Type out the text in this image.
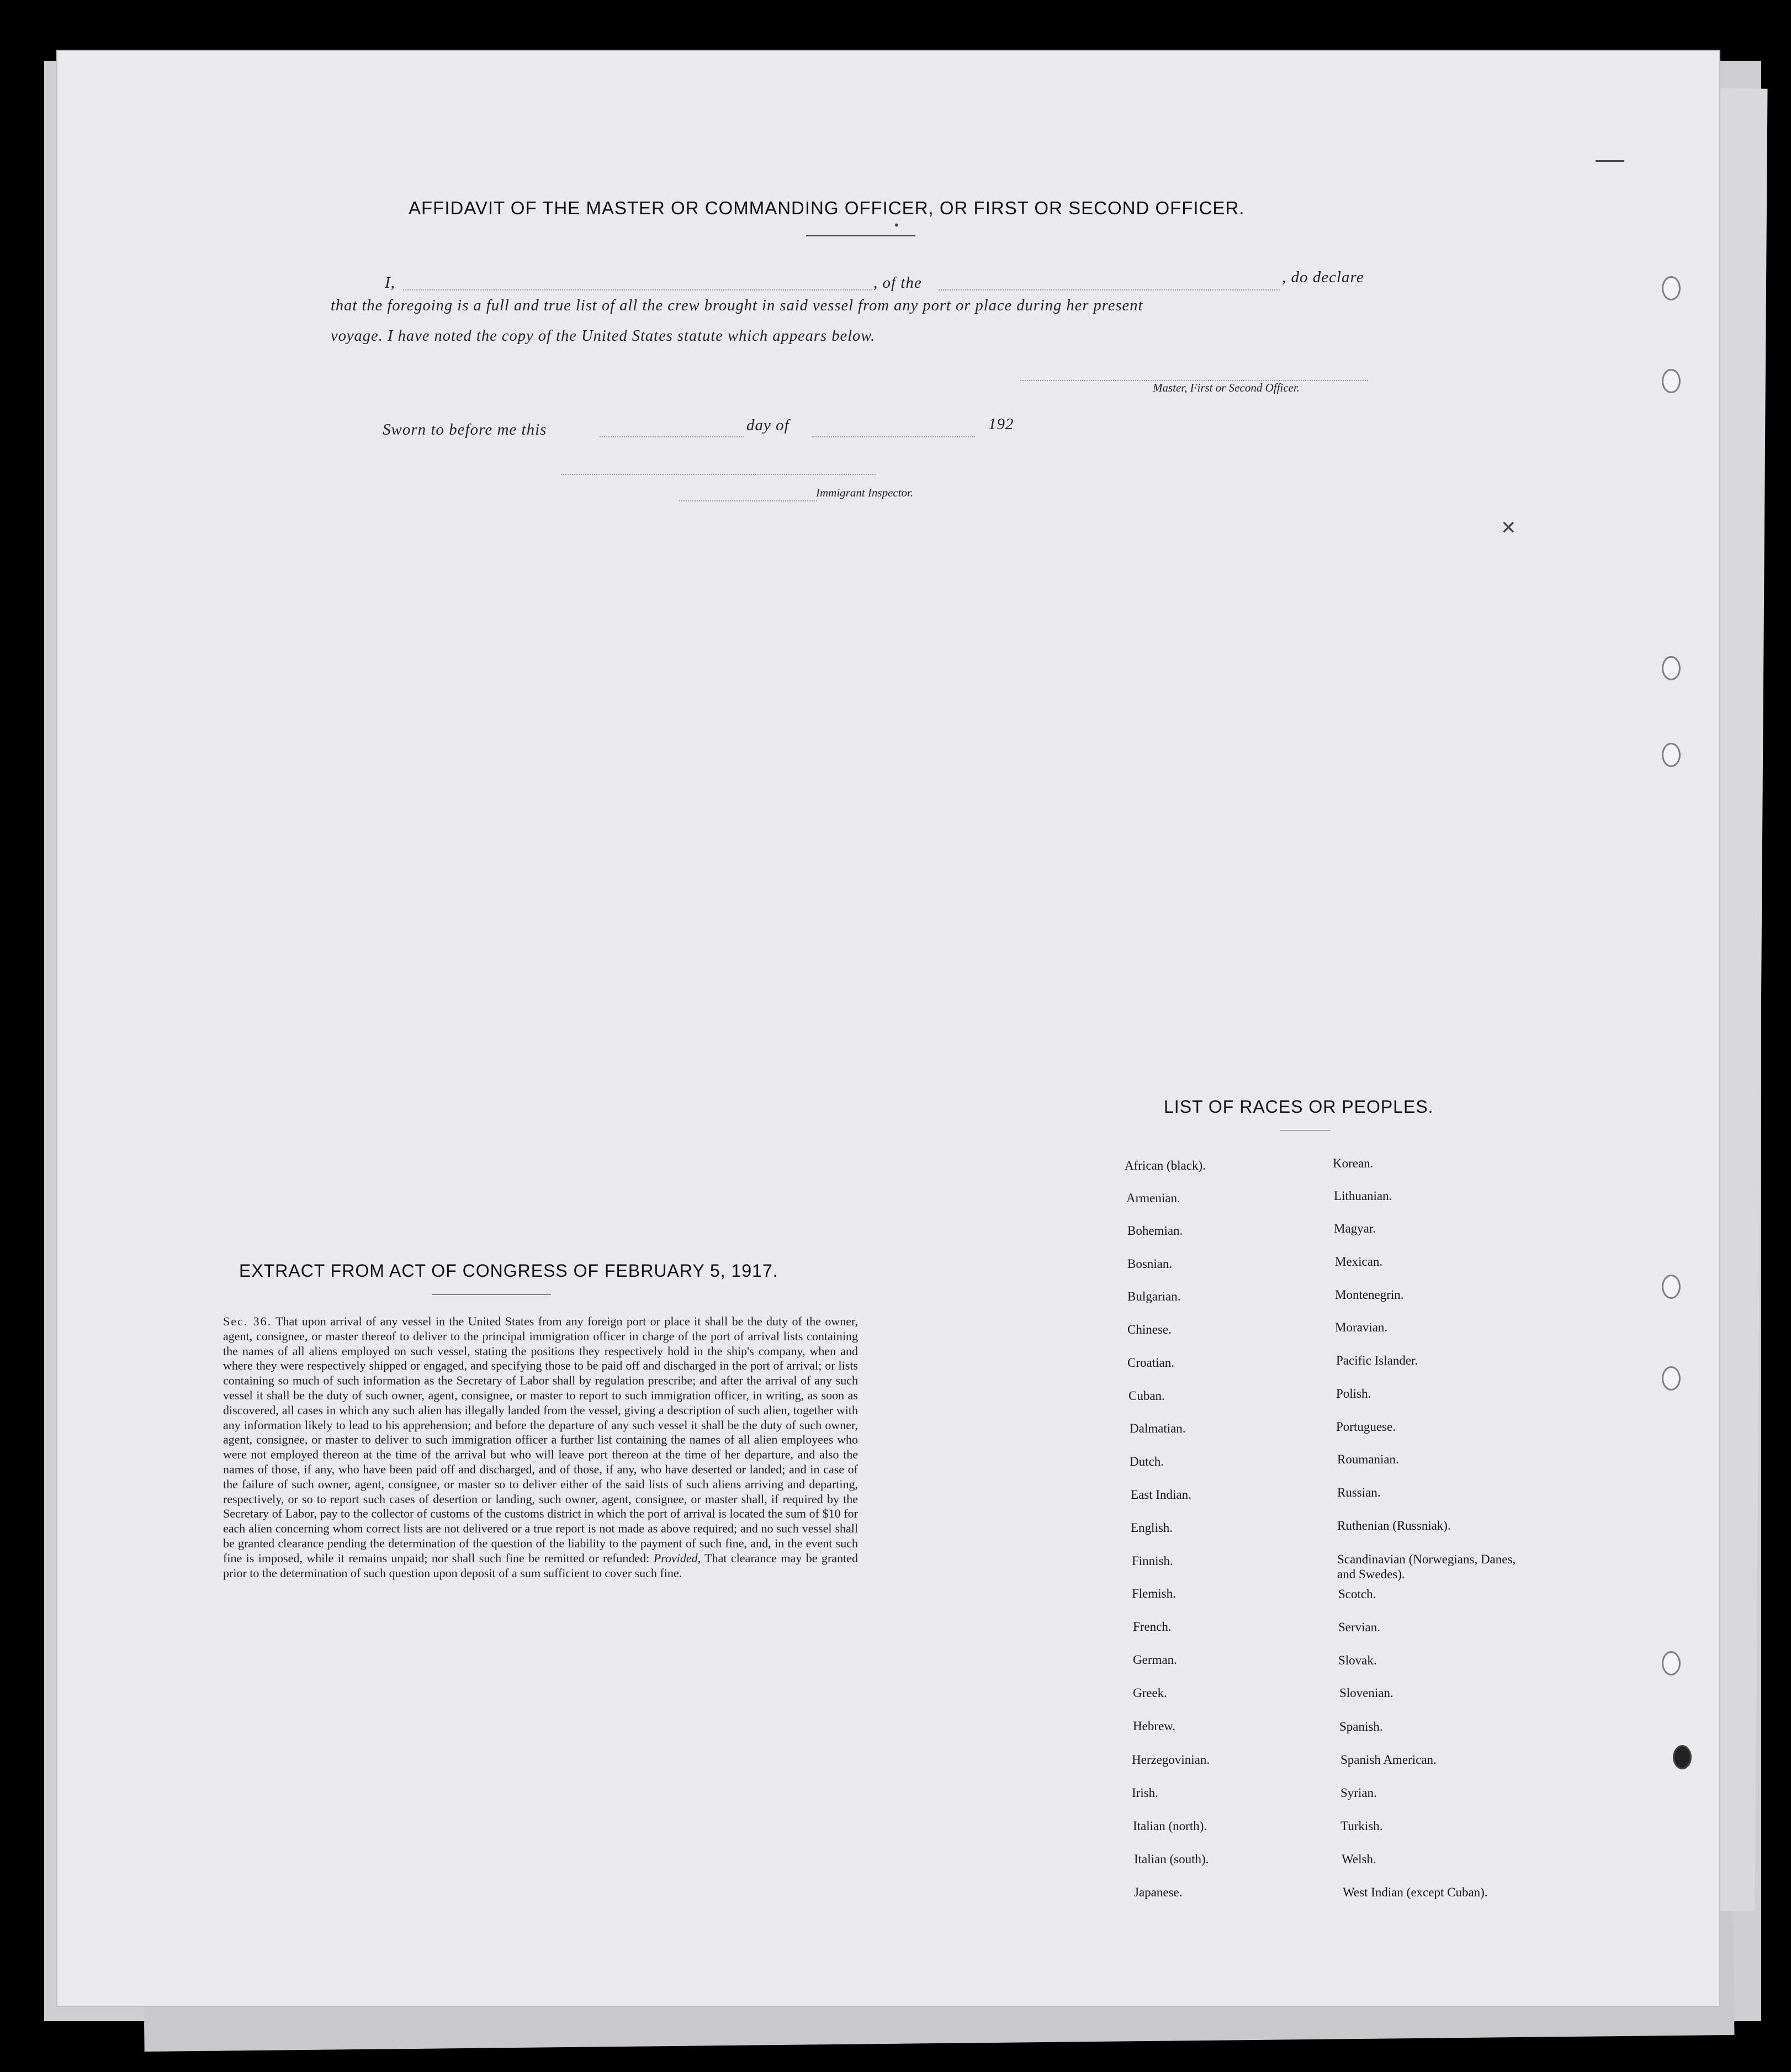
✕
•
AFFIDAVIT OF THE MASTER OR COMMANDING OFFICER, OR FIRST OR SECOND OFFICER.
I,	, of the	, do declare
that the foregoing is a full and true list of all the crew brought in said vessel from any port or place during her present
voyage. I have noted the copy of the United States statute which appears below.
Master, First or Second Officer.
Sworn to before me this	day of	192
Immigrant Inspector.
EXTRACT FROM ACT OF CONGRESS OF FEBRUARY 5, 1917.
Sec. 36. That upon arrival of any vessel in the United States from any foreign port or place it shall be the duty of the owner, agent, consignee, or master thereof to deliver to the principal immigration officer in charge of the port of arrival lists containing the names of all aliens employed on such vessel, stating the positions they respectively hold in the ship's company, when and where they were respectively shipped or engaged, and specifying those to be paid off and discharged in the port of arrival; or lists containing so much of such information as the Secretary of Labor shall by regulation prescribe; and after the arrival of any such vessel it shall be the duty of such owner, agent, consignee, or master to report to such immigration officer, in writing, as soon as discovered, all cases in which any such alien has illegally landed from the vessel, giving a description of such alien, together with any information likely to lead to his apprehension; and before the departure of any such vessel it shall be the duty of such owner, agent, consignee, or master to deliver to such immigration officer a further list containing the names of all alien employees who were not employed thereon at the time of the arrival but who will leave port thereon at the time of her departure, and also the names of those, if any, who have been paid off and discharged, and of those, if any, who have deserted or landed; and in case of the failure of such owner, agent, consignee, or master so to deliver either of the said lists of such aliens arriving and departing, respectively, or so to report such cases of desertion or landing, such owner, agent, consignee, or master shall, if required by the Secretary of Labor, pay to the collector of customs of the customs district in which the port of arrival is located the sum of $10 for each alien concerning whom correct lists are not delivered or a true report is not made as above required; and no such vessel shall be granted clearance pending the determination of the question of the liability to the payment of such fine, and, in the event such fine is imposed, while it remains unpaid; nor shall such fine be remitted or refunded: Provided, That clearance may be granted prior to the determination of such question upon deposit of a sum sufficient to cover such fine.
LIST OF RACES OR PEOPLES.
African (black).
Armenian.
Bohemian.
Bosnian.
Bulgarian.
Chinese.
Croatian.
Cuban.
Dalmatian.
Dutch.
East Indian.
English.
Finnish.
Flemish.
French.
German.
Greek.
Hebrew.
Herzegovinian.
Irish.
Italian (north).
Italian (south).
Japanese.
Korean.
Lithuanian.
Magyar.
Mexican.
Montenegrin.
Moravian.
Pacific Islander.
Polish.
Portuguese.
Roumanian.
Russian.
Ruthenian (Russniak).
Scandinavian (Norwegians, Danes, and Swedes).
Scotch.
Servian.
Slovak.
Slovenian.
Spanish.
Spanish American.
Syrian.
Turkish.
Welsh.
West Indian (except Cuban).
